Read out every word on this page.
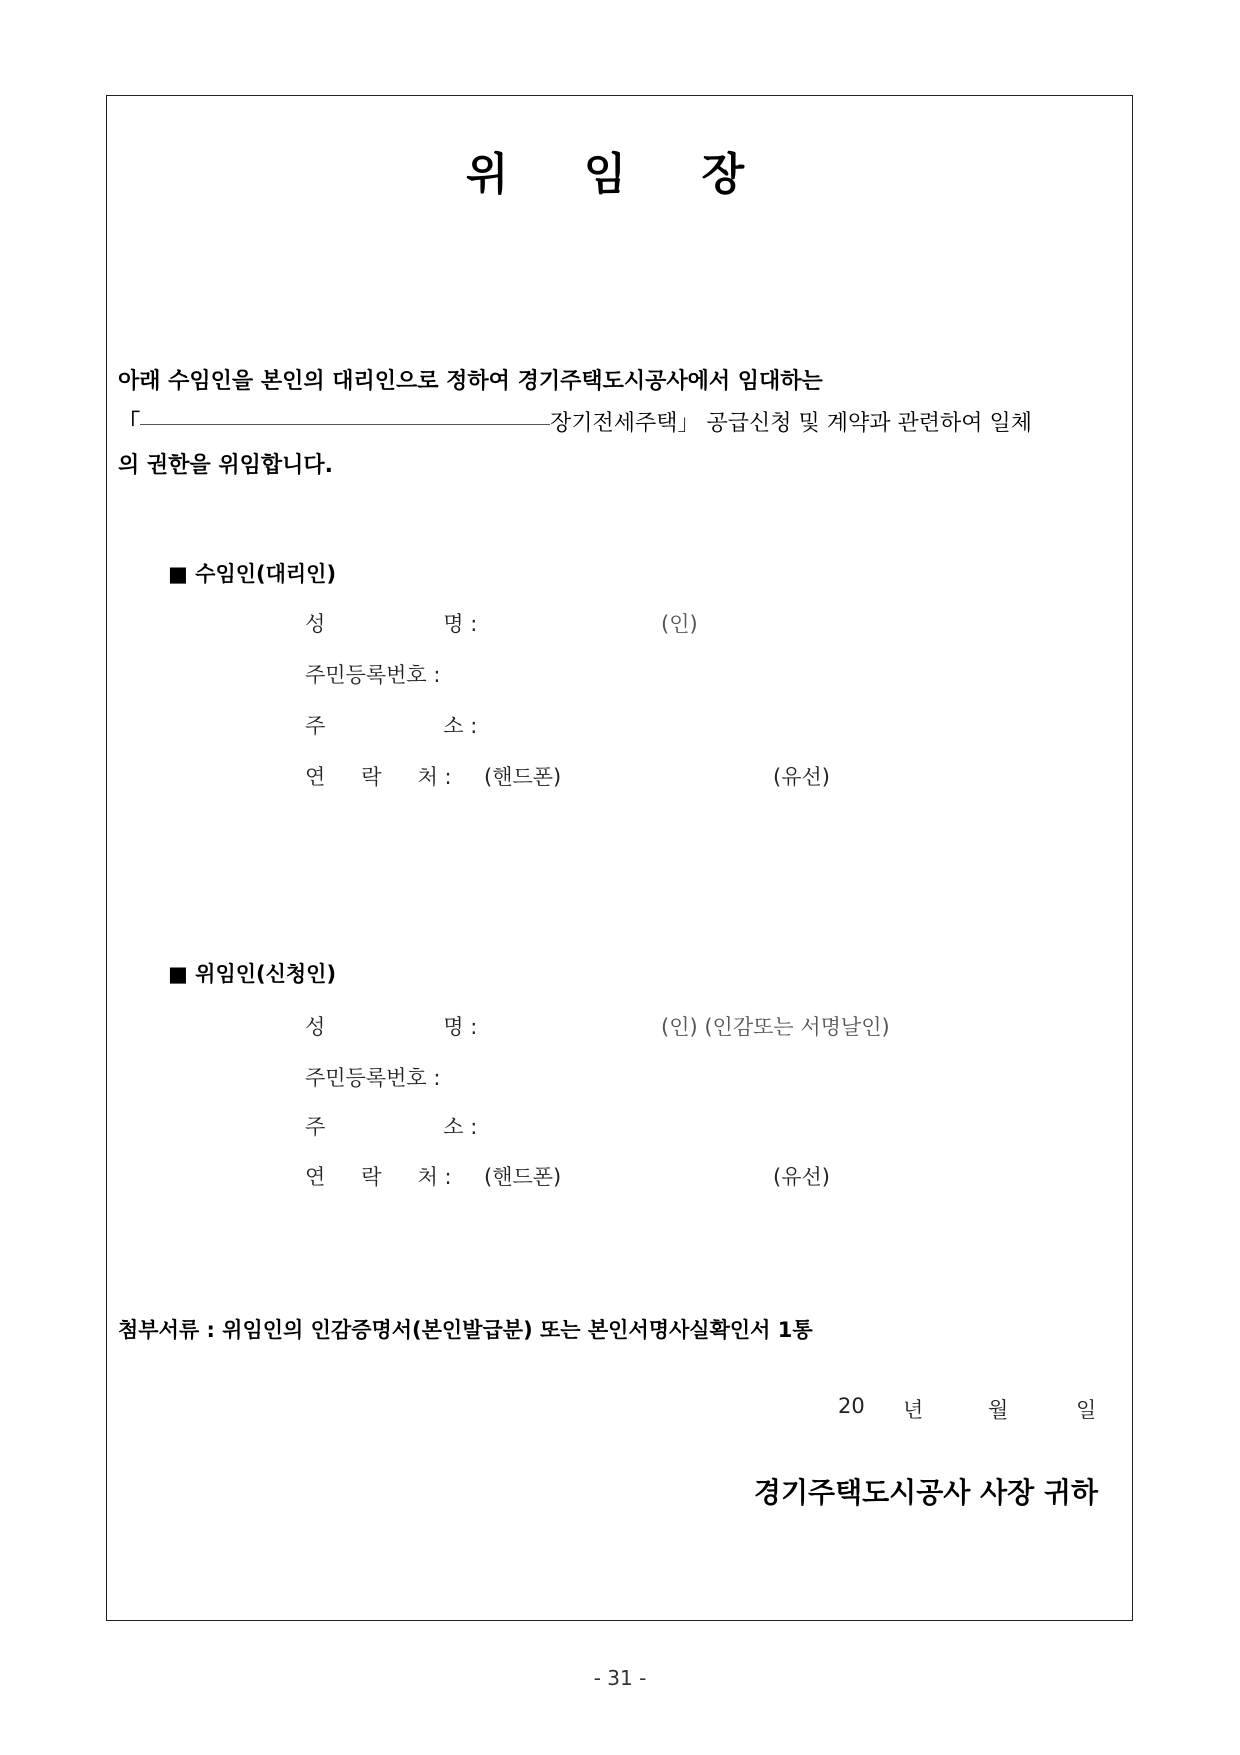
위 임 장
아래 수임인을 본인의 대리인으로 정하여 경기주택도시공사에서 임대하는
「	장기전세주택」 공급신청 및 계약과 관련하여 일체
의 권한을 위임합니다.
■ 수임인(대리인)
성	명 :	(인)
주민등록번호 :
주	소 :
연 락 처 : (핸드폰)	(유선)
■ 위임인(신청인)
성	명 :	(인) (인감또는 서명날인)
주민등록번호 :
주	소 :
연 락 처 : (핸드폰)	(유선)
첨부서류 : 위임인의 인감증명서(본인발급분) 또는 본인서명사실확인서 1통
20 년	월	일
경기주택도시공사 사장 귀하
- 31 -
